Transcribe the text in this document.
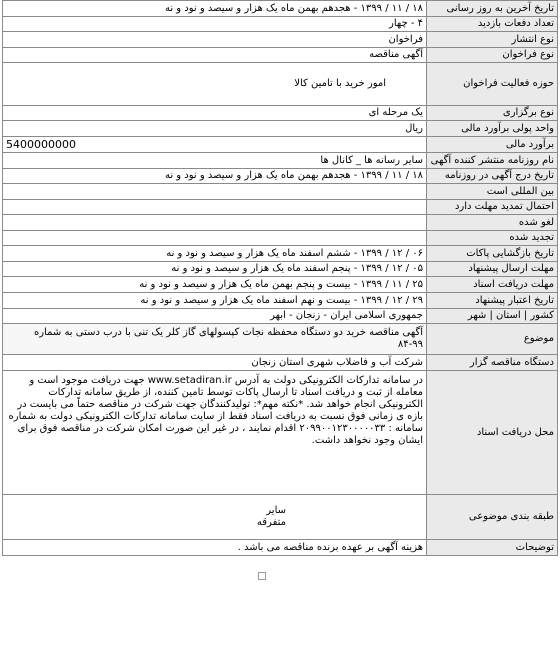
۱۸ / ۱۱ / ۱۳۹۹ - هجدهم بهمن ماه یک هزار و سیصد و نود و نه	تاریخ آخرین به روز رسانی
۴ - چهار	تعداد دفعات بازدید
فراخوان	نوع انتشار
آگهی مناقصه	نوع فراخوان
امور خرید با تامین کالا	حوزه فعالیت فراخوان
یک مرحله ای	نوع برگزاری
ریال	واحد پولی برآورد مالی
5400000000	برآورد مالی
سایر رسانه ها _ کانال ها	نام روزنامه منتشر کننده آگهی
۱۸ / ۱۱ / ۱۳۹۹ - هجدهم بهمن ماه یک هزار و سیصد و نود و نه	تاریخ درج آگهی در روزنامه
	بین المللی است
	احتمال تمدید مهلت دارد
	لغو شده
	تجدید شده
۰۶ / ۱۲ / ۱۳۹۹ - ششم اسفند ماه یک هزار و سیصد و نود و نه	تاریخ بازگشایی پاکات
۰۵ / ۱۲ / ۱۳۹۹ - پنجم اسفند ماه یک هزار و سیصد و نود و نه	مهلت ارسال پیشنهاد
۲۵ / ۱۱ / ۱۳۹۹ - بیست و پنجم بهمن ماه یک هزار و سیصد و نود و نه	مهلت دریافت اسناد
۲۹ / ۱۲ / ۱۳۹۹ - بیست و نهم اسفند ماه یک هزار و سیصد و نود و نه	تاریخ اعتبار پیشنهاد
جمهوری اسلامی ایران - زنجان - ابهر	کشور | استان | شهر
آگهی مناقصه خرید دو دستگاه محفظه نجات کپسولهای گاز کلر یک تنی با درب دستی به شماره ۹۹-۸۴	موضوع
شرکت آب و فاضلاب شهری استان زنجان	دستگاه مناقصه گزار
در سامانه تدارکات الکترونیکی دولت به آدرس www.setadiran.ir جهت دریافت موجود است و معامله از ثبت و دریافت اسناد تا ارسال پاکات توسط تامین کننده، از طریق سامانه تدارکات الکترونیکی انجام خواهد شد. *نکته مهم*: تولیدکنندگان جهت شرکت در مناقصه حتماً می بایست در بازه ی زمانی فوق نسبت به دریافت اسناد فقط از سایت سامانه تدارکات الکترونیکی دولت به شماره سامانه : ۲۰۹۹۰۰۱۲۳۰۰۰۰۰۳۳ اقدام نمایند ، در غیر این صورت امکان شرکت در مناقصه فوق برای ایشان وجود نخواهد داشت.	محل دریافت اسناد

سایر
متفرقه	طبقه بندی موضوعی
هزینه آگهی بر عهده برنده مناقصه می باشد .	توضیحات
